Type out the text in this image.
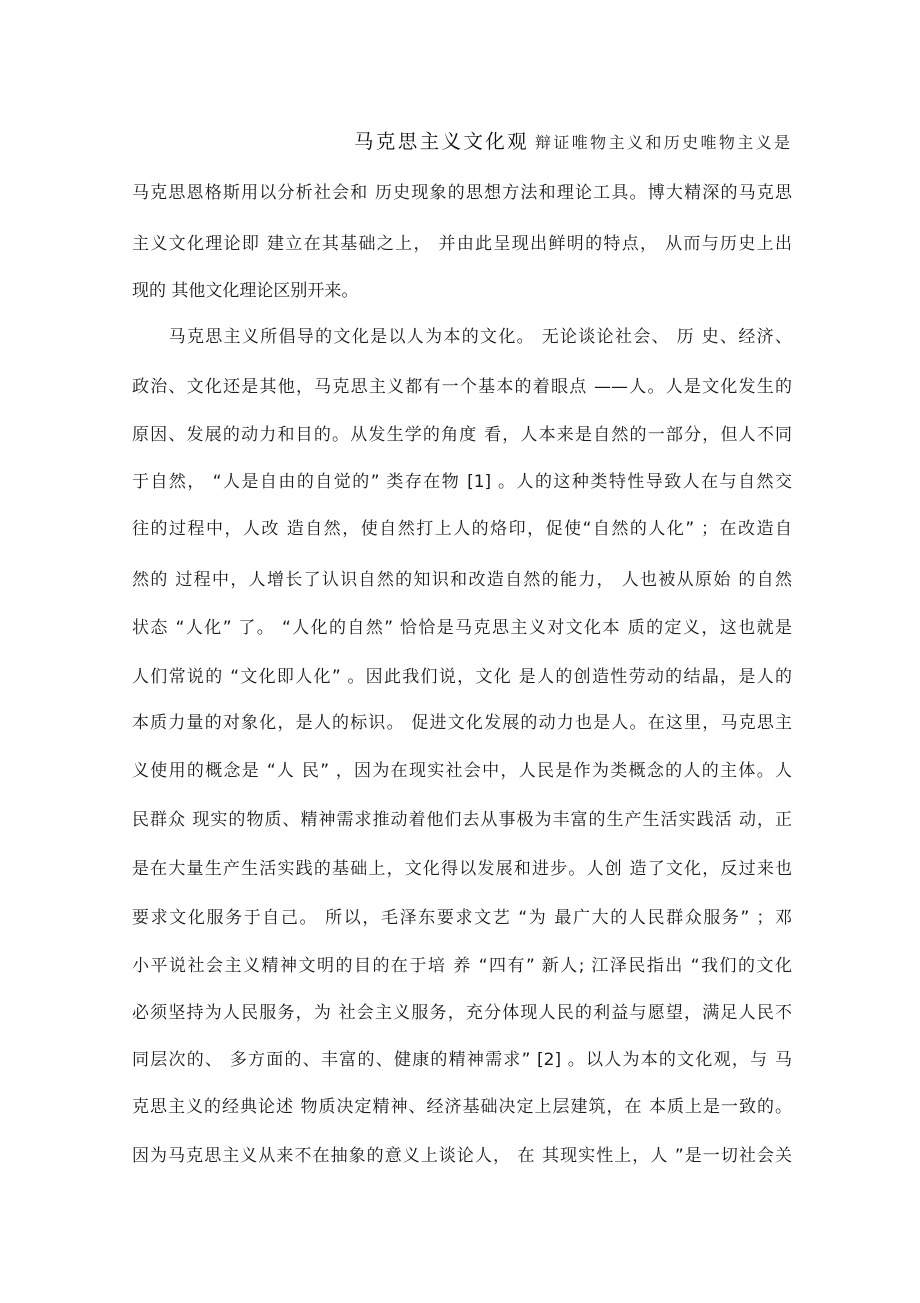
马克思主义文化观 辩证唯物主义和历史唯物主义是
马克思恩格斯用以分析社会和 历史现象的思想方法和理论工具。博大精深的马克思
主义文化理论即 建立在其基础之上， 并由此呈现出鲜明的特点， 从而与历史上出
现的 其他文化理论区别开来。
　　马克思主义所倡导的文化是以人为本的文化。 无论谈论社会、 历 史、经济、
政治、文化还是其他，马克思主义都有一个基本的着眼点 ——人。人是文化发生的
原因、发展的动力和目的。从发生学的角度 看，人本来是自然的一部分，但人不同
于自然， “人是自由的自觉的” 类存在物 [1] 。人的这种类特性导致人在与自然交
往的过程中，人改 造自然，使自然打上人的烙印，促使“自然的人化” ；在改造自
然的 过程中，人增长了认识自然的知识和改造自然的能力， 人也被从原始 的自然
状态 “人化” 了。 “人化的自然” 恰恰是马克思主义对文化本 质的定义，这也就是
人们常说的 “文化即人化” 。因此我们说，文化 是人的创造性劳动的结晶，是人的
本质力量的对象化，是人的标识。 促进文化发展的动力也是人。在这里，马克思主
义使用的概念是 “人 民” ，因为在现实社会中，人民是作为类概念的人的主体。人
民群众 现实的物质、精神需求推动着他们去从事极为丰富的生产生活实践活 动，正
是在大量生产生活实践的基础上，文化得以发展和进步。人创 造了文化，反过来也
要求文化服务于自己。 所以，毛泽东要求文艺 “为 最广大的人民群众服务” ；邓
小平说社会主义精神文明的目的在于培 养 “四有” 新人; 江泽民指出 “我们的文化
必须坚持为人民服务，为 社会主义服务，充分体现人民的利益与愿望，满足人民不
同层次的、 多方面的、丰富的、健康的精神需求” [2] 。以人为本的文化观，与 马
克思主义的经典论述 物质决定精神、经济基础决定上层建筑，在 本质上是一致的。
因为马克思主义从来不在抽象的意义上谈论人， 在 其现实性上，人 ”是一切社会关
